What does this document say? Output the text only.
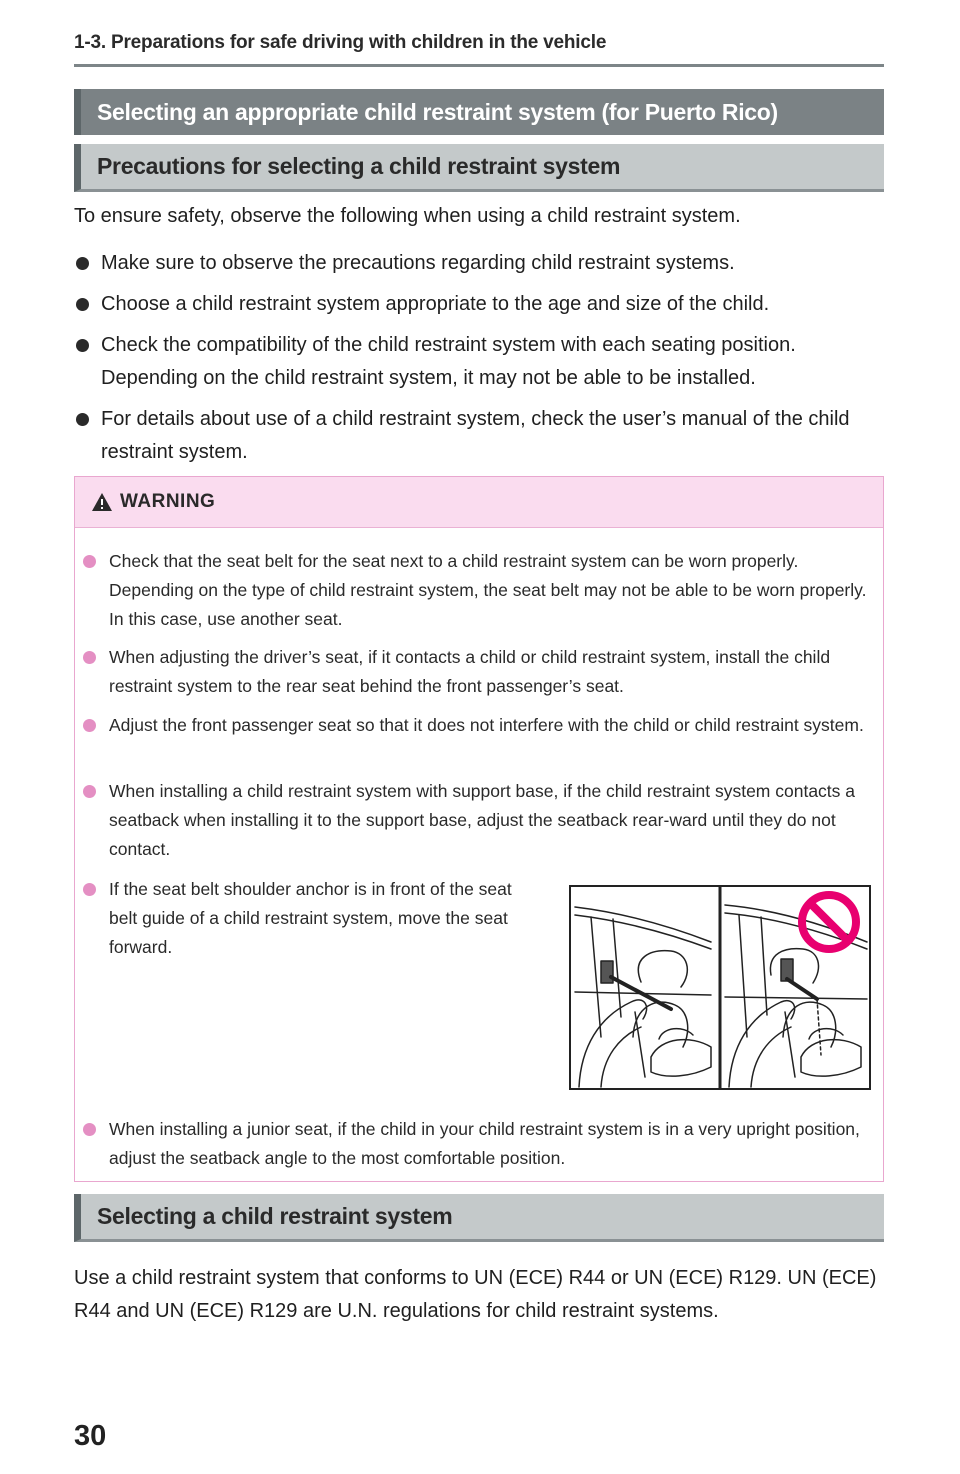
1-3. Preparations for safe driving with children in the vehicle
Selecting an appropriate child restraint system (for Puerto Rico)
Precautions for selecting a child restraint system
To ensure safety, observe the following when using a child restraint system.
Make sure to observe the precautions regarding child restraint systems.
Choose a child restraint system appropriate to the age and size of the child.
Check the compatibility of the child restraint system with each seating position. Depending on the child restraint system, it may not be able to be installed.
For details about use of a child restraint system, check the user’s manual of the child restraint system.
WARNING
Check that the seat belt for the seat next to a child restraint system can be worn properly. Depending on the type of child restraint system, the seat belt may not be able to be worn properly. In this case, use another seat.
When adjusting the driver’s seat, if it contacts a child or child restraint system, install the child restraint system to the rear seat behind the front passenger’s seat.
Adjust the front passenger seat so that it does not interfere with the child or child restraint system.
When installing a child restraint system with support base, if the child restraint system contacts a seatback when installing it to the support base, adjust the seatback rear-ward until they do not contact.
If the seat belt shoulder anchor is in front of the seat belt guide of a child restraint system, move the seat forward.
When installing a junior seat, if the child in your child restraint system is in a very upright position, adjust the seatback angle to the most comfortable position.
Selecting a child restraint system
Use a child restraint system that conforms to UN (ECE) R44 or UN (ECE) R129. UN (ECE) R44 and UN (ECE) R129 are U.N. regulations for child restraint systems.
30
